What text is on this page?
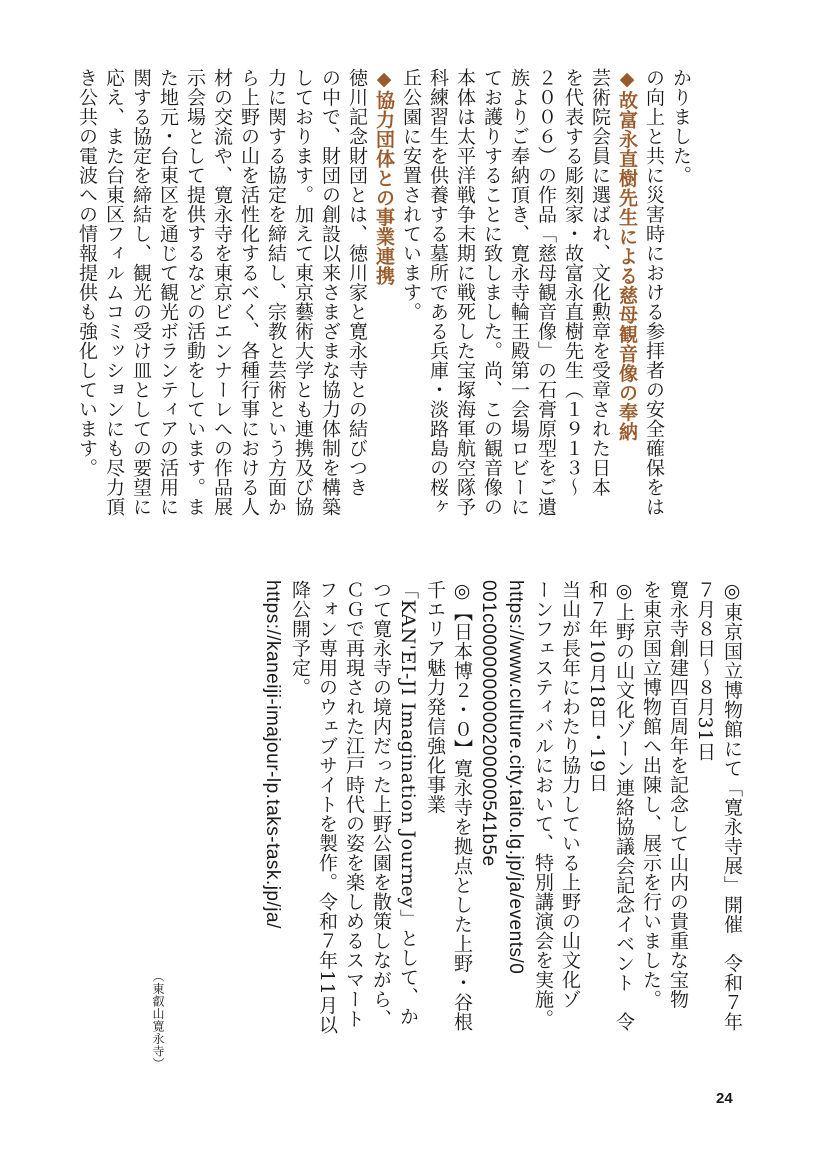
かりました。
の向上と共に災害時における参拝者の安全確保をは
◆故富永直樹先生による慈母観音像の奉納
芸術院会員に選ばれ、文化勲章を受章された日本
を代表する彫刻家・故富永直樹先生（１９１３〜
２００６）の作品「慈母観音像」の石膏原型をご遺
族よりご奉納頂き、寛永寺輪王殿第一会場ロビーに
てお護りすることに致しました。尚、この観音像の
本体は太平洋戦争末期に戦死した宝塚海軍航空隊予
科練習生を供養する墓所である兵庫・淡路島の桜ヶ
丘公園に安置されています。
◆協力団体との事業連携
徳川記念財団とは、徳川家と寛永寺との結びつき
の中で、財団の創設以来さまざまな協力体制を構築
しております。加えて東京藝術大学とも連携及び協
力に関する協定を締結し、宗教と芸術という方面か
ら上野の山を活性化するべく、各種行事における人
材の交流や、寛永寺を東京ビエンナーレへの作品展
示会場として提供するなどの活動をしています。ま
た地元・台東区を通じて観光ボランティアの活用に
関する協定を締結し、観光の受け皿としての要望に
応え、また台東区フィルムコミッションにも尽力頂
き公共の電波への情報提供も強化しています。
◎東京国立博物館にて「寛永寺展」開催　令和７年
７月８日〜８月31日
寛永寺創建四百周年を記念して山内の貴重な宝物
を東京国立博物館へ出陳し、展示を行いました。
◎上野の山文化ゾーン連絡協議会記念イベント　令
和７年10月18日・19日
当山が長年にわたり協力している上野の山文化ゾ
ーンフェスティバルにおいて、特別講演会を実施。
https://www.culture.city.taito.lg.jp/ja/events/0
001c0000000000200000541b5e
◎【日本博２・０】寛永寺を拠点とした上野・谷根
千エリア魅力発信強化事業
「KAN'EI-JI Imagination Journey」として、か
つて寛永寺の境内だった上野公園を散策しながら、
ＣＧで再現された江戸時代の姿を楽しめるスマート
フォン専用のウェブサイトを製作。令和７年11月以
降公開予定。
https://kaneiji-imajour-lp.taks-task.jp/ja/
（東叡山寛永寺）
24
